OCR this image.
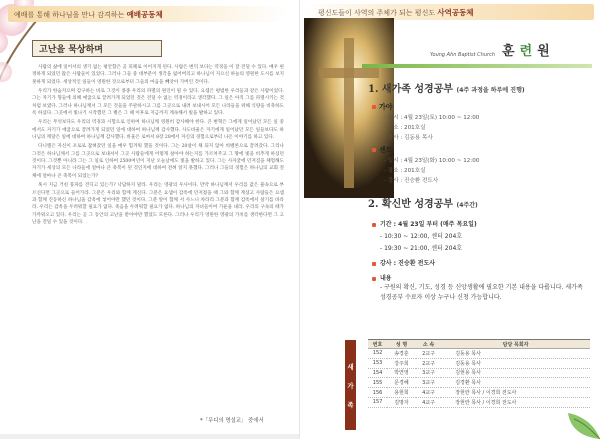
예배를 통해 하나님을 만나 감격하는 예배공동체
고난을 묵상하며

사람의 삶에 일어서의 생기 없는 평안함은 곧 피폐로 이어지게 된다. 사람은 변덕 보다는 역경을 이 잘 견딜 수 있다. 매우 편정하게 되었던 많은 사람들이 있었다. 그러나 그들 중 대부분이 생각을 잃어버리고 하나님이 지으신 하늘의 영원한 도시를 보지 못하게 되었다. 세상적인 일들이 영원한 것으로부터 그들의 마음을 빼앗아 가버린 것이다.

우리가 한숨지으며 감구하는 바로 그것이 종종 우리의 파멸의 원인이 될 수 있다. 요셉은 평범한 우리들과 같은 사람이었다. 그는 자기가 형들에 의해 애굽으로 끌려가게 되었던 것은 견딜 수 없는 역경이라고 생각했다. 그 일은 아직 그를 파멸시키는 것처럼 보였다. 그러나 하나님께서 그 모든 것들을 주관하시고 그를 그곳으로 내려 보내시어 모든 나라들을 위해 식량을 비축하도록 하셨다. 그곳에서 빛나기 시작했던 그 별은 그 때 이후로 지금까지 계속해서 빛을 발하고 있다.

우리는 무엇보다도 우리의 역경과 시험으로 인하여 하나님께 영원히 감사해야 한다. 큰 변혁은 그에게 일어났던 모든 일 중에서도 자기가 애굽으로 끌려가게 되었던 일에 대하여 하나님께 감사했다. 사도바울은 자기에게 일어났던 모든 일들보다도 하나님의 깨달은 일에 대하여 하나님께 감사했다. 바울은 로마서 8장 28에서 자신의 경험으로부터 나온 이야기를 하고 있다.

다니엘은 자신이 포로로 잡혀갔던 일을 매우 힘겨워 했을 것이다. 그는 20살이 채 되지 않아 바벨론으로 끌려갔다. 그리나 그것은 하나님께서 그를 그곳으로 보내셔서 그곳 사람들에게 어떻게 살아야 하는지를 가르쳐주고 그 땅에 빛을 비추게 하셨던 것이다. 그것뿐 아니라 그는 그 일로 인하여 2500여년이 지난 오늘날에도 빛을 발하고 있다. 그는 사자굴에 던져짐을 체험해도 자기가 세상의 모든 나라들에 얼마나 큰 축복이 된 것인지에 대하여 전혀 알지 못했다. 그러나 그들의 경험은 하나님의 교회 전체에 얼마나 큰 축복이 되었는가?

혹시 지금 거친 풍파를 견디고 있는가? 낙담하지 말라. 우리는 영광의 우사이다. 만약 하나님께서 우리를 값은 물속으로 부르신다면 그곳으로 들어가라. 그분은 우리와 함께 계신다. 그분은 요셉이 감옥에 던져졌을 때 그와 함께 계셨고 사람들은 요셉과 함께 진동하신 하나님을 감옥에 넣어야만 했던 것이다. 그분 앞이 함께 서 사느니 차라리 그분과 함께 감옥에서 살기를 바라라. 우리는 감옥을 두려워할 필요가 없다. 죽음을 두려워할 필요가 없다. 하나님의 자녀들이여 기운을 내라. 우리의 구속의 때가 가까워오고 있다. 우리는 곧 그 동안의 고난을 받아야만 했었도 모른다. 그러나 우리가 영원한 영광의 가치를 생각한다면 그 고난을 견딜 수 있을 것이다.

*「무디의 명설교」 중에서
평신도들이 사역의 주체가 되는 평신도 사역공동체
Young Ahn Baptist Church 훈 련 원
1. 새가족 성경공부 (4주 과정을 하루에 진행)
가야
- 일시 : 4월 23일(토) 10:00 ~ 12:00
- 장소 : 201호실
- 강사 : 김동용 목사
센트
- 일시 : 4월 23일(화) 10:00 ~ 12:00
- 장소 : 201호실
- 강사 : 진승환 전도사
2. 확신반 성경공부 (4주간)
기간 : 4월 23일 부터 (매주 목요일)
- 10:30 ~ 12:00, 센터 204호
- 19:30 ~ 21:00, 센터 204호
강사 : 진승환 전도사
내용
- 구원의 확신, 기도, 성경 등 신앙생활에 필요한 기본 내용을 다룹니다. 새가족 성경공부 수료자 이상 누구나 신청 가능합니다.
새
가
족
번호	성 명	소 속	담당 목회자
152	송경훈	2교구	김동용 목사
153	강주희	2교구	김동용 목사
154	박연영	3교구	김현용 목사
155	문경혜	3교구	김경환 목사
156	용현희	4교구	장현란 목사 / 이경희 전도사
157	김명자	4교구	장현란 목사 / 이경희 전도사
